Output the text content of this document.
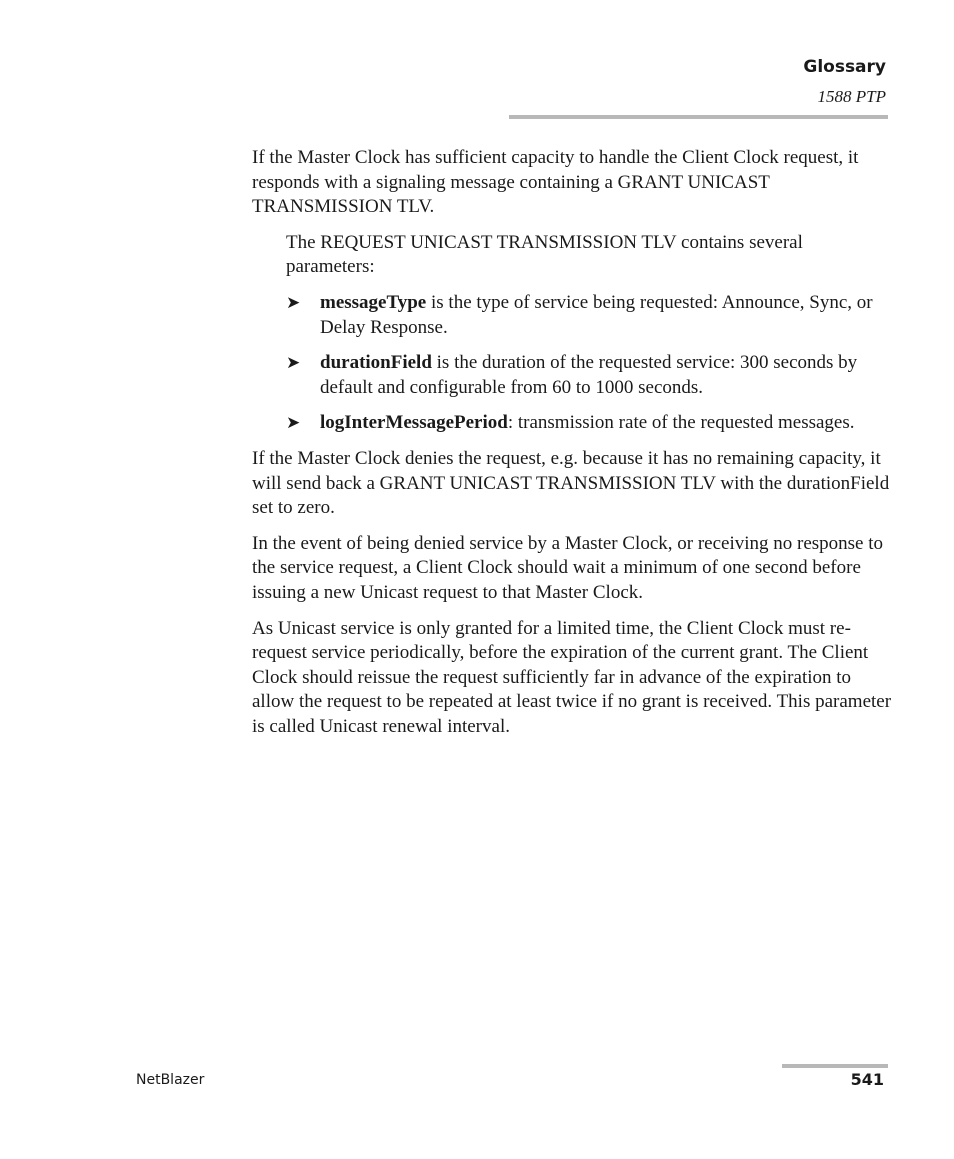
Glossary
1588 PTP

If the Master Clock has sufficient capacity to handle the Client Clock request, it responds with a signaling message containing a GRANT UNICAST TRANSMISSION TLV.

The REQUEST UNICAST TRANSMISSION TLV contains several parameters:

➤ messageType is the type of service being requested: Announce, Sync, or Delay Response.
➤ durationField is the duration of the requested service: 300 seconds by default and configurable from 60 to 1000 seconds.
➤ logInterMessagePeriod: transmission rate of the requested messages.

If the Master Clock denies the request, e.g. because it has no remaining capacity, it will send back a GRANT UNICAST TRANSMISSION TLV with the durationField set to zero.

In the event of being denied service by a Master Clock, or receiving no response to the service request, a Client Clock should wait a minimum of one second before issuing a new Unicast request to that Master Clock.

As Unicast service is only granted for a limited time, the Client Clock must re-request service periodically, before the expiration of the current grant. The Client Clock should reissue the request sufficiently far in advance of the expiration to allow the request to be repeated at least twice if no grant is received. This parameter is called Unicast renewal interval.

NetBlazer	541
